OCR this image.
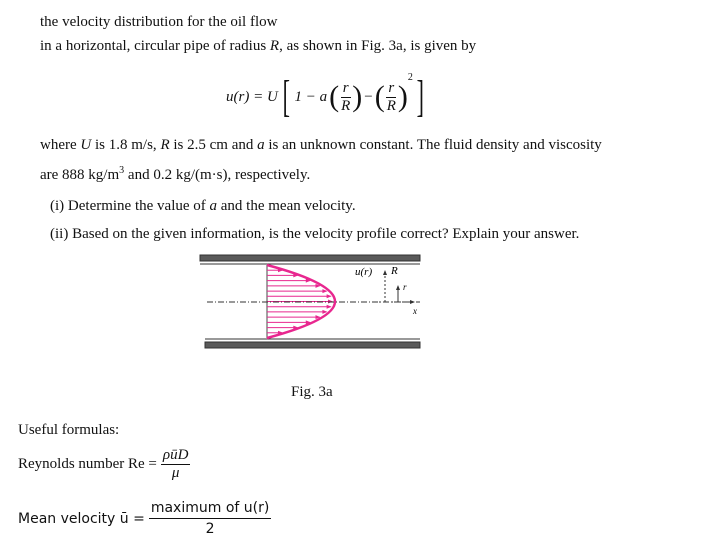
the velocity distribution for the oil flow
in a horizontal, circular pipe of radius R, as shown in Fig. 3a, is given by
u(r) = U [ 1 − a ( $\frac{r}{R}$ ) − ( $\frac{r}{R}$ )
$^2$ ]
where U is 1.8 m/s, R is 2.5 cm and a is an unknown constant. The fluid density and viscosity
are 888 $kg/m^3$ and 0.2 kg/(m·s), respectively.
(i) Determine the value of a and the mean velocity.
(ii) Based on the given information, is the velocity profile correct? Explain your answer.
u(r) R
r
x
Fig. 3a
Useful formulas:
Reynolds number $Re = \frac{\text{ρūD}}{\mu}$
Mean velocity ū = $\frac{\text{maximum of u(r)}}{2}$
